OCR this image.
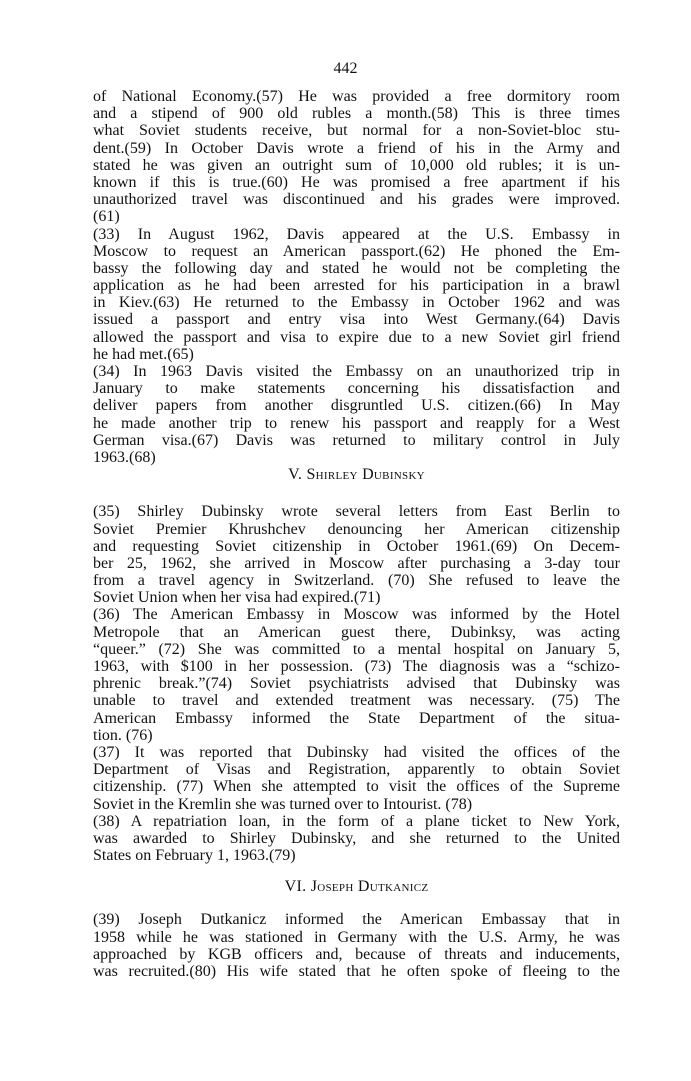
442
of National Economy.(57) He was provided a free dormitory room
and a stipend of 900 old rubles a month.(58) This is three times
what Soviet students receive, but normal for a non-Soviet-bloc stu-
dent.(59) In October Davis wrote a friend of his in the Army and
stated he was given an outright sum of 10,000 old rubles; it is un-
known if this is true.(60) He was promised a free apartment if his
unauthorized travel was discontinued and his grades were improved.
(61)
(33) In August 1962, Davis appeared at the U.S. Embassy in
Moscow to request an American passport.(62) He phoned the Em-
bassy the following day and stated he would not be completing the
application as he had been arrested for his participation in a brawl
in Kiev.(63) He returned to the Embassy in October 1962 and was
issued a passport and entry visa into West Germany.(64) Davis
allowed the passport and visa to expire due to a new Soviet girl friend
he had met.(65)
(34) In 1963 Davis visited the Embassy on an unauthorized trip in
January to make statements concerning his dissatisfaction and
deliver papers from another disgruntled U.S. citizen.(66) In May
he made another trip to renew his passport and reapply for a West
German visa.(67) Davis was returned to military control in July
1963.(68)
V. Shirley Dubinsky
(35) Shirley Dubinsky wrote several letters from East Berlin to
Soviet Premier Khrushchev denouncing her American citizenship
and requesting Soviet citizenship in October 1961.(69) On Decem-
ber 25, 1962, she arrived in Moscow after purchasing a 3-day tour
from a travel agency in Switzerland. (70) She refused to leave the
Soviet Union when her visa had expired.(71)
(36) The American Embassy in Moscow was informed by the Hotel
Metropole that an American guest there, Dubinksy, was acting
“queer.” (72) She was committed to a mental hospital on January 5,
1963, with $100 in her possession. (73) The diagnosis was a “schizo-
phrenic break.”(74) Soviet psychiatrists advised that Dubinsky was
unable to travel and extended treatment was necessary. (75) The
American Embassy informed the State Department of the situa-
tion. (76)
(37) It was reported that Dubinsky had visited the offices of the
Department of Visas and Registration, apparently to obtain Soviet
citizenship. (77) When she attempted to visit the offices of the Supreme
Soviet in the Kremlin she was turned over to Intourist. (78)
(38) A repatriation loan, in the form of a plane ticket to New York,
was awarded to Shirley Dubinsky, and she returned to the United
States on February 1, 1963.(79)
VI. Joseph Dutkanicz
(39) Joseph Dutkanicz informed the American Embassay that in
1958 while he was stationed in Germany with the U.S. Army, he was
approached by KGB officers and, because of threats and inducements,
was recruited.(80) His wife stated that he often spoke of fleeing to the
